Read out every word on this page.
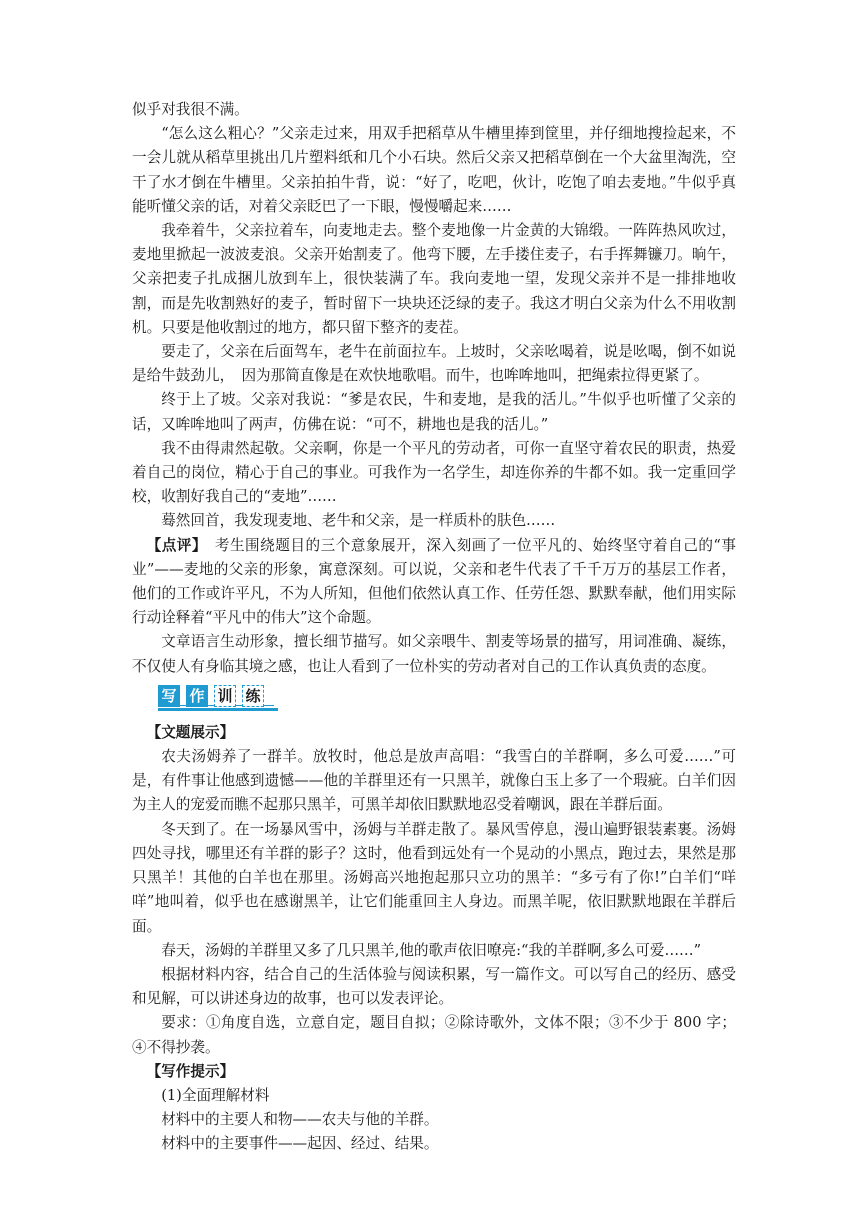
似乎对我很不满。

“怎么这么粗心？”父亲走过来，用双手把稻草从牛槽里捧到筐里，并仔细地搜捡起来，不一会儿就从稻草里挑出几片塑料纸和几个小石块。然后父亲又把稻草倒在一个大盆里淘洗，空干了水才倒在牛槽里。父亲拍拍牛背，说：“好了，吃吧，伙计，吃饱了咱去麦地。”牛似乎真能听懂父亲的话，对着父亲眨巴了一下眼，慢慢嚼起来……

我牵着牛，父亲拉着车，向麦地走去。整个麦地像一片金黄的大锦缎。一阵阵热风吹过，麦地里掀起一波波麦浪。父亲开始割麦了。他弯下腰，左手搂住麦子，右手挥舞镰刀。晌午，父亲把麦子扎成捆儿放到车上，很快装满了车。我向麦地一望，发现父亲并不是一排排地收割，而是先收割熟好的麦子，暂时留下一块块还泛绿的麦子。我这才明白父亲为什么不用收割机。只要是他收割过的地方，都只留下整齐的麦茬。

要走了，父亲在后面驾车，老牛在前面拉车。上坡时，父亲吆喝着，说是吆喝，倒不如说是给牛鼓劲儿，　因为那简直像是在欢快地歌唱。而牛，也哞哞地叫，把绳索拉得更紧了。

终于上了坡。父亲对我说：“爹是农民，牛和麦地，是我的活儿。”牛似乎也听懂了父亲的话，又哞哞地叫了两声，仿佛在说：“可不，耕地也是我的活儿。”

我不由得肃然起敬。父亲啊，你是一个平凡的劳动者，可你一直坚守着农民的职责，热爱着自己的岗位，精心于自己的事业。可我作为一名学生，却连你养的牛都不如。我一定重回学校，收割好我自己的“麦地”……

蓦然回首，我发现麦地、老牛和父亲，是一样质朴的肤色……

【点评】　考生围绕题目的三个意象展开，深入刻画了一位平凡的、始终坚守着自己的“事业”——麦地的父亲的形象，寓意深刻。可以说，父亲和老牛代表了千千万万的基层工作者，他们的工作或许平凡，不为人所知，但他们依然认真工作、任劳任怨、默默奉献，他们用实际行动诠释着“平凡中的伟大”这个命题。

文章语言生动形象，擅长细节描写。如父亲喂牛、割麦等场景的描写，用词准确、凝练，不仅使人有身临其境之感，也让人看到了一位朴实的劳动者对自己的工作认真负责的态度。

写 作 训 练

【文题展示】

农夫汤姆养了一群羊。放牧时，他总是放声高唱：“我雪白的羊群啊，多么可爱……”可是，有件事让他感到遗憾——他的羊群里还有一只黑羊，就像白玉上多了一个瑕疵。白羊们因为主人的宠爱而瞧不起那只黑羊，可黑羊却依旧默默地忍受着嘲讽，跟在羊群后面。

冬天到了。在一场暴风雪中，汤姆与羊群走散了。暴风雪停息，漫山遍野银装素裹。汤姆四处寻找，哪里还有羊群的影子？这时，他看到远处有一个晃动的小黑点，跑过去，果然是那只黑羊！其他的白羊也在那里。汤姆高兴地抱起那只立功的黑羊：“多亏有了你!”白羊们“咩咩”地叫着，似乎也在感谢黑羊，让它们能重回主人身边。而黑羊呢，依旧默默地跟在羊群后面。

春天，汤姆的羊群里又多了几只黑羊,他的歌声依旧嘹亮:“我的羊群啊,多么可爱……”

根据材料内容，结合自己的生活体验与阅读积累，写一篇作文。可以写自己的经历、感受和见解，可以讲述身边的故事，也可以发表评论。

要求：①角度自选，立意自定，题目自拟；②除诗歌外，文体不限；③不少于 800 字；④不得抄袭。

【写作提示】

(1)全面理解材料

材料中的主要人和物——农夫与他的羊群。

材料中的主要事件——起因、经过、结果。
